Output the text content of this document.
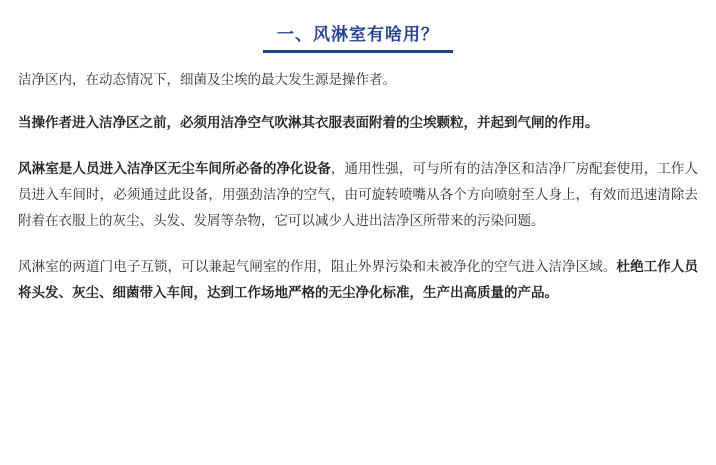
一、风淋室有啥用？

洁净区内，在动态情况下，细菌及尘埃的最大发生源是操作者。

当操作者进入洁净区之前，必须用洁净空气吹淋其衣服表面附着的尘埃颗粒，并起到气闸的作用。

风淋室是人员进入洁净区无尘车间所必备的净化设备，通用性强，可与所有的洁净区和洁净厂房配套使用，工作人员进入车间时，必须通过此设备，用强劲洁净的空气，由可旋转喷嘴从各个方向喷射至人身上，有效而迅速清除去附着在衣服上的灰尘、头发、发屑等杂物，它可以减少人进出洁净区所带来的污染问题。

风淋室的两道门电子互锁，可以兼起气闸室的作用，阻止外界污染和未被净化的空气进入洁净区域。杜绝工作人员将头发、灰尘、细菌带入车间，达到工作场地严格的无尘净化标准，生产出高质量的产品。
